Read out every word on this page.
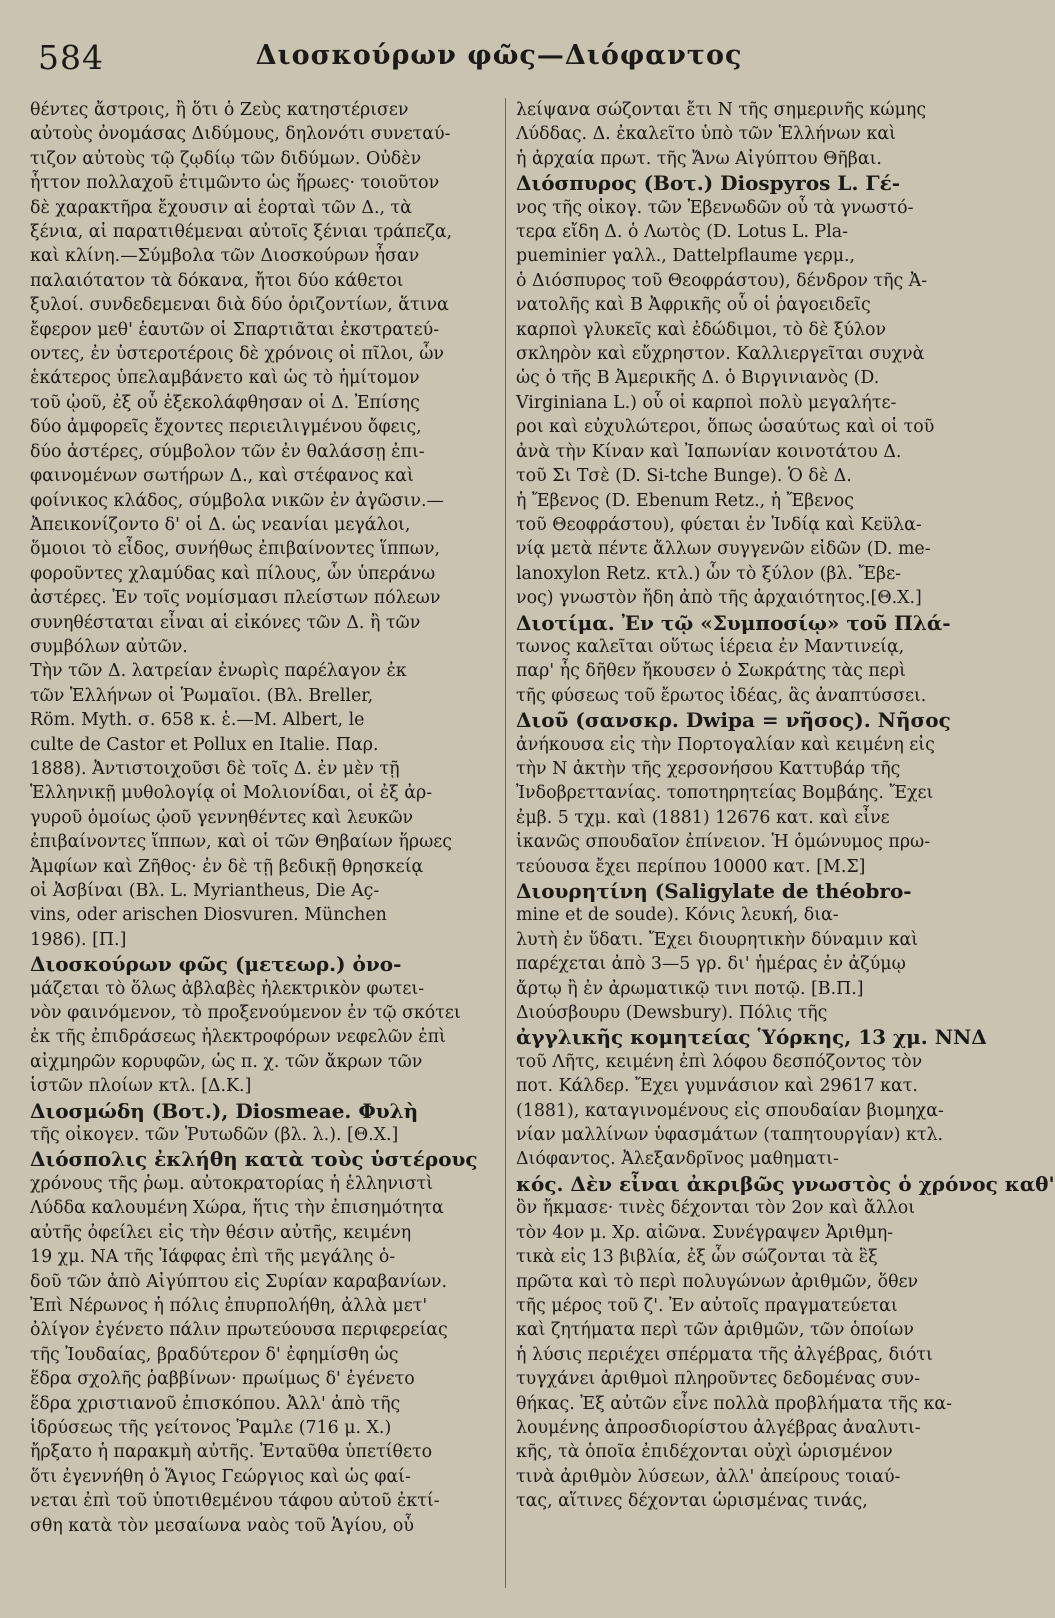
584	Διοσκούρων φῶς—Διόφαντος
θέντες ἄστροις, ἢ ὅτι ὁ Ζεὺς κατηστέρισεν
αὐτοὺς ὀνομάσας Διδύμους, δηλονότι συνεταύ-
τιζον αὐτοὺς τῷ ζῳδίῳ τῶν διδύμων. Οὐδὲν
ἧττον πολλαχοῦ ἐτιμῶντο ὡς ἥρωες· τοιοῦτον
δὲ χαρακτῆρα ἔχουσιν αἱ ἑορταὶ τῶν Δ., τὰ
ξένια, αἱ παρατιθέμεναι αὐτοῖς ξένιαι τράπεζα,
καὶ κλίνη.—Σύμβολα τῶν Διοσκούρων ἦσαν
παλαιότατον τὰ δόκανα, ἤτοι δύο κάθετοι
ξυλοί. συνδεδεμεναι διὰ δύο ὁριζοντίων, ἅτινα
ἔφερον μεθ' ἑαυτῶν οἱ Σπαρτιᾶται ἐκστρατεύ-
οντες, ἐν ὑστεροτέροις δὲ χρόνοις οἱ πῖλοι, ὧν
ἑκάτερος ὑπελαμβάνετο καὶ ὡς τὸ ἡμίτομον
τοῦ ᾠοῦ, ἐξ οὗ ἐξεκολάφθησαν οἱ Δ. Ἐπίσης
δύο ἀμφορεῖς ἔχοντες περιειλιγμένου ὄφεις,
δύο ἀστέρες, σύμβολον τῶν ἐν θαλάσσῃ ἐπι-
φαινομένων σωτήρων Δ., καὶ στέφανος καὶ
φοίνικος κλάδος, σύμβολα νικῶν ἐν ἀγῶσιν.—
Ἀπεικονίζοντο δ' οἱ Δ. ὡς νεανίαι μεγάλοι,
ὅμοιοι τὸ εἶδος, συνήθως ἐπιβαίνοντες ἵππων,
φοροῦντες χλαμύδας καὶ πίλους, ὧν ὑπεράνω
ἀστέρες. Ἐν τοῖς νομίσμασι πλείστων πόλεων
συνηθέσταται εἶναι αἱ εἰκόνες τῶν Δ. ἢ τῶν
συμβόλων αὐτῶν.
Τὴν τῶν Δ. λατρείαν ἐνωρὶς παρέλαγον ἐκ
τῶν Ἑλλήνων οἱ Ῥωμαῖοι. (Βλ. Breller,
Röm. Myth. σ. 658 κ. ἑ.—Μ. Albert, le
culte de Castor et Pollux en Italie. Παρ.
1888). Ἀντιστοιχοῦσι δὲ τοῖς Δ. ἐν μὲν τῇ
Ἑλληνικῇ μυθολογίᾳ οἱ Μολιονίδαι, οἱ ἐξ ἀρ-
γυροῦ ὁμοίως ᾠοῦ γεννηθέντες καὶ λευκῶν
ἐπιβαίνοντες ἵππων, καὶ οἱ τῶν Θηβαίων ἥρωες
Ἀμφίων καὶ Ζῆθος· ἐν δὲ τῇ βεδικῇ θρησκείᾳ
οἱ Ἀσβίναι (Βλ. L. Myriantheus, Die Aç-
vins, oder arischen Diosvuren. München
1986). [Π.]
Διοσκούρων φῶς (μετεωρ.) ὀνο-
μάζεται τὸ ὅλως ἀβλαβὲς ἠλεκτρικὸν φωτει-
νὸν φαινόμενον, τὸ προξενούμενον ἐν τῷ σκότει
ἐκ τῆς ἐπιδράσεως ἠλεκτροφόρων νεφελῶν ἐπὶ
αἰχμηρῶν κορυφῶν, ὡς π. χ. τῶν ἄκρων τῶν
ἱστῶν πλοίων κτλ. [Δ.Κ.]
Διοσμώδη (Βοτ.), Diosmeae. Φυλὴ
τῆς οἰκογεν. τῶν Ῥυτωδῶν (βλ. λ.). [Θ.Χ.]
Διόσπολις ἐκλήθη κατὰ τοὺς ὑστέρους
χρόνους τῆς ῥωμ. αὐτοκρατορίας ἡ ἑλληνιστὶ
Λύδδα καλουμένη Χώρα, ἥτις τὴν ἐπισημότητα
αὐτῆς ὀφείλει εἰς τὴν θέσιν αὐτῆς, κειμένη
19 χμ. ΝΑ τῆς Ἰάφφας ἐπὶ τῆς μεγάλης ὁ-
δοῦ τῶν ἀπὸ Αἰγύπτου εἰς Συρίαν καραβανίων.
Ἐπὶ Νέρωνος ἡ πόλις ἐπυρπολήθη, ἀλλὰ μετ'
ὀλίγον ἐγένετο πάλιν πρωτεύουσα περιφερείας
τῆς Ἰουδαίας, βραδύτερον δ' ἐφημίσθη ὡς
ἕδρα σχολῆς ῥαββίνων· πρωίμως δ' ἐγένετο
ἕδρα χριστιανοῦ ἐπισκόπου. Ἀλλ' ἀπὸ τῆς
ἱδρύσεως τῆς γείτονος Ῥαμλε (716 μ. Χ.)
ἤρξατο ἡ παρακμὴ αὐτῆς. Ἐνταῦθα ὑπετίθετο
ὅτι ἐγεννήθη ὁ Ἅγιος Γεώργιος καὶ ὡς φαί-
νεται ἐπὶ τοῦ ὑποτιθεμένου τάφου αὐτοῦ ἐκτί-
σθη κατὰ τὸν μεσαίωνα ναὸς τοῦ Ἁγίου, οὗ
λείψανα σώζονται ἔτι Ν τῆς σημερινῆς κώμης
Λύδδας. Δ. ἐκαλεῖτο ὑπὸ τῶν Ἑλλήνων καὶ
ἡ ἀρχαία πρωτ. τῆς Ἄνω Αἰγύπτου Θῆβαι.
Διόσπυρος (Βοτ.) Diospyros L. Γέ-
νος τῆς οἰκογ. τῶν Ἐβενωδῶν οὗ τὰ γνωστό-
τερα εἴδη Δ. ὁ Λωτὸς (D. Lotus L. Pla-
pueminier γαλλ., Dattelpflaume γερμ.,
ὁ Διόσπυρος τοῦ Θεοφράστου), δένδρον τῆς Ἀ-
νατολῆς καὶ Β Ἀφρικῆς οὗ οἱ ῥαγοειδεῖς
καρποὶ γλυκεῖς καὶ ἐδώδιμοι, τὸ δὲ ξύλον
σκληρὸν καὶ εὔχρηστον. Καλλιεργεῖται συχνὰ
ὡς ὁ τῆς Β Ἀμερικῆς Δ. ὁ Βιργινιανὸς (D.
Virginiana L.) οὗ οἱ καρποὶ πολὺ μεγαλήτε-
ροι καὶ εὐχυλώτεροι, ὅπως ὡσαύτως καὶ οἱ τοῦ
ἀνὰ τὴν Κίναν καὶ Ἰαπωνίαν κοινοτάτου Δ.
τοῦ Σι Τσὲ (D. Si-tche Bunge). Ὁ δὲ Δ.
ἡ Ἔβενος (D. Ebenum Retz., ἡ Ἔβενος
τοῦ Θεοφράστου), φύεται ἐν Ἰνδίᾳ καὶ Κεϋλα-
νίᾳ μετὰ πέντε ἄλλων συγγενῶν εἰδῶν (D. me-
lanoxylon Retz. κτλ.) ὧν τὸ ξύλον (βλ. Ἔβε-
νος) γνωστὸν ἤδη ἀπὸ τῆς ἀρχαιότητος.[Θ.Χ.]
Διοτίμα. Ἐν τῷ «Συμποσίῳ» τοῦ Πλά-
τωνος καλεῖται οὕτως ἱέρεια ἐν Μαντινείᾳ,
παρ' ἧς δῆθεν ἤκουσεν ὁ Σωκράτης τὰς περὶ
τῆς φύσεως τοῦ ἔρωτος ἰδέας, ἃς ἀναπτύσσει.
Διοῦ (σανσκρ. Dwipa = νῆσος). Νῆσος
ἀνήκουσα εἰς τὴν Πορτογαλίαν καὶ κειμένη εἰς
τὴν Ν ἀκτὴν τῆς χερσονήσου Καττυβάρ τῆς
Ἰνδοβρεττανίας. τοποτηρητείας Βομβάης. Ἔχει
ἐμβ. 5 τχμ. καὶ (1881) 12676 κατ. καὶ εἶνε
ἱκανῶς σπουδαῖον ἐπίνειον. Ἡ ὁμώνυμος πρω-
τεύουσα ἔχει περίπου 10000 κατ. [Μ.Σ]
Διουρητίνη (Saligylate de théobro-
mine et de soude). Κόνις λευκή, δια-
λυτὴ ἐν ὕδατι. Ἔχει διουρητικὴν δύναμιν καὶ
παρέχεται ἀπὸ 3—5 γρ. δι' ἡμέρας ἐν ἀζύμῳ
ἄρτῳ ἢ ἐν ἀρωματικῷ τινι ποτῷ. [Β.Π.]
Διούσβουρυ (Dewsbury). Πόλις τῆς
ἀγγλικῆς κομητείας Ὑόρκης, 13 χμ. ΝΝΔ
τοῦ Λῆτς, κειμένη ἐπὶ λόφου δεσπόζοντος τὸν
ποτ. Κάλδερ. Ἔχει γυμνάσιον καὶ 29617 κατ.
(1881), καταγινομένους εἰς σπουδαίαν βιομηχα-
νίαν μαλλίνων ὑφασμάτων (ταπητουργίαν) κτλ.
Διόφαντος. Ἀλεξανδρῖνος μαθηματι-
κός. Δὲν εἶναι ἀκριβῶς γνωστὸς ὁ χρόνος καθ'
ὃν ἤκμασε· τινὲς δέχονται τὸν 2ον καὶ ἄλλοι
τὸν 4ον μ. Χρ. αἰῶνα. Συνέγραψεν Ἀριθμη-
τικὰ εἰς 13 βιβλία, ἐξ ὧν σώζονται τὰ ἓξ
πρῶτα καὶ τὸ περὶ πολυγώνων ἀριθμῶν, ὅθεν
τῆς μέρος τοῦ ζ'. Ἐν αὐτοῖς πραγματεύεται
καὶ ζητήματα περὶ τῶν ἀριθμῶν, τῶν ὁποίων
ἡ λύσις περιέχει σπέρματα τῆς ἀλγέβρας, διότι
τυγχάνει ἀριθμοὶ πληροῦντες δεδομένας συν-
θήκας. Ἐξ αὐτῶν εἶνε πολλὰ προβλήματα τῆς κα-
λουμένης ἀπροσδιορίστου ἀλγέβρας ἀναλυτι-
κῆς, τὰ ὁποῖα ἐπιδέχονται οὐχὶ ὡρισμένον
τινὰ ἀριθμὸν λύσεων, ἀλλ' ἀπείρους τοιαύ-
τας, αἵτινες δέχονται ὡρισμένας τινάς,
